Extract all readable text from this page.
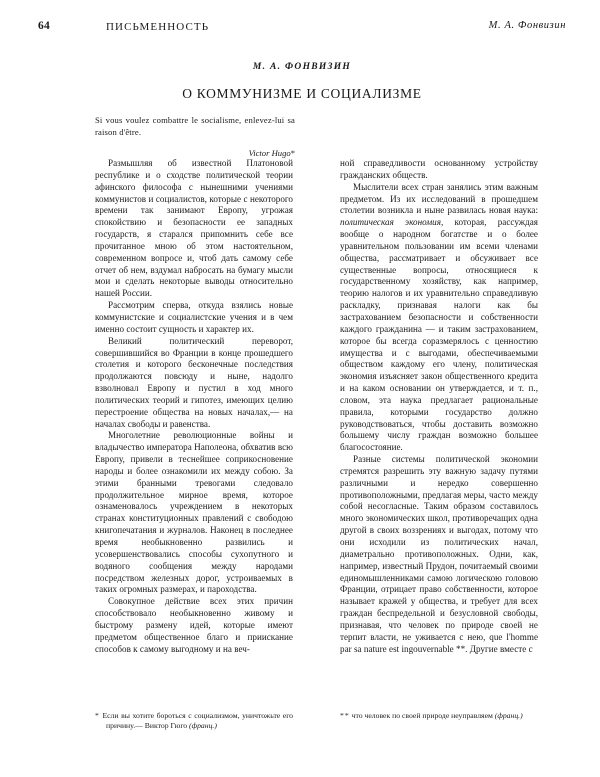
64	ПИСЬМЕННОСТЬ	М. А. Фонвизин
М. А. ФОНВИЗИН
О КОММУНИЗМЕ И СОЦИАЛИЗМЕ
Si vous voulez combattre le socialisme, enlevez-lui sa raison d'être.
Victor Hugo*

Размышляя об известной Платоновой республике и о сходстве политической теории афинского философа с нынешними учениями коммунистов и социалистов, которые с некоторого времени так занимают Европу, угрожая спокойствию и безопасности ее западных государств, я старался припомнить себе все прочитанное мною об этом настоятельном, современном вопросе и, чтоб дать самому себе отчет об нем, вздумал набросать на бумагу мысли мои и сделать некоторые выводы относительно нашей России.

Рассмотрим сперва, откуда взялись новые коммунистские и социалистские учения и в чем именно состоит сущность и характер их.

Великий политический переворот, совершившийся во Франции в конце прошедшего столетия и которого бесконечные последствия продолжаются повсюду и ныне, надолго взволновал Европу и пустил в ход много политических теорий и гипотез, имеющих целию перестроение общества на новых началах,— на началах свободы и равенства.

Многолетние революционные войны и владычество императора Наполеона, обхватив всю Европу, привели в теснейшее соприкосновение народы и более ознакомили их между собою. За этими бранными тревогами следовало продолжительное мирное время, которое ознаменовалось учреждением в некоторых странах конституционных правлений с свободою книгопечатания и журналов. Наконец в последнее время необыкновенно развились и усовершенствовались способы сухопутного и водяного сообщения между народами посредством железных дорог, устроиваемых в таких огромных размерах, и пароходства.

Совокупное действие всех этих причин способствовало необыкновенно живому и быстрому размену идей, которые имеют предметом общественное благо и приискание способов к самому выгодному и на веч-

ной справедливости основанному устройству гражданских обществ.

Мыслители всех стран занялись этим важным предметом. Из их исследований в прошедшем столетии возникла и ныне развилась новая наука: политическая экономия, которая, рассуждая вообще о народном богатстве и о более уравнительном пользовании им всеми членами общества, рассматривает и обсуживает все существенные вопросы, относящиеся к государственному хозяйству, как например, теорию налогов и их уравнительно справедливую раскладку, признавая налоги как бы застрахованием безопасности и собственности каждого гражданина — и таким застрахованием, которое бы всегда соразмерялось с ценностию имущества и с выгодами, обеспечиваемыми обществом каждому его члену, политическая экономия изъясняет закон общественного кредита и на каком основании он утверждается, и т. п., словом, эта наука предлагает рациональные правила, которыми государство должно руководствоваться, чтобы доставить возможно большему числу граждан возможно большее благосостояние.

Разные системы политической экономии стремятся разрешить эту важную задачу путями различными и нередко совершенно противоположными, предлагая меры, часто между собой несогласные. Таким образом составилось много экономических школ, противоречащих одна другой в своих воззрениях и выгодах, потому что они исходили из политических начал, диаметрально противоположных. Одни, как, например, известный Прудон, почитаемый своими единомышленниками самою логическою головою Франции, отрицает право собственности, которое называет кражей у общества, и требует для всех граждан беспредельной и безусловной свободы, признавая, что человек по природе своей не терпит власти, не уживается с нею, que l'homme par sa nature est ingouvernable **. Другие вместе с

* Если вы хотите бороться с социализмом, уничтожьте его причину.— Виктор Гюго (франц.)
** что человек по своей природе неуправляем (франц.)
